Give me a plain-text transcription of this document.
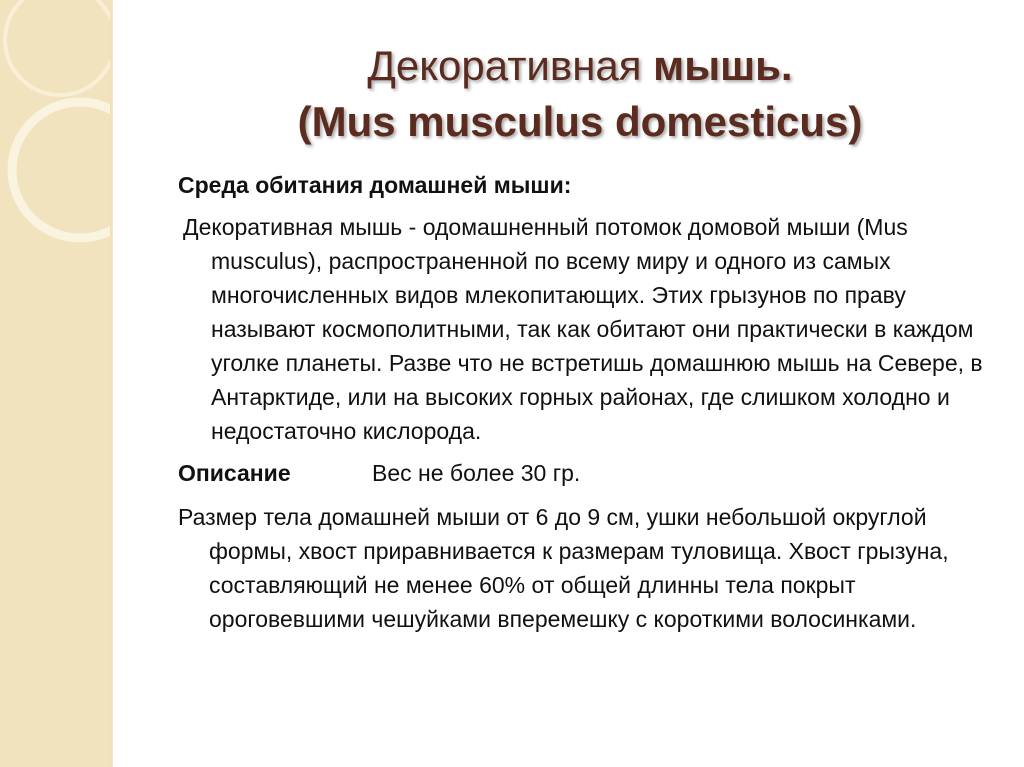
Декоративная мышь.
(Mus musculus domesticus)

Среда обитания домашней мыши:

Декоративная мышь - одомашненный потомок домовой мыши (Mus musculus), распространенной по всему миру и одного из самых многочисленных видов млекопитающих. Этих грызунов по праву называют космополитными, так как обитают они практически в каждом уголке планеты. Разве что не встретишь домашнюю мышь на Севере, в Антарктиде, или на высоких горных районах, где слишком холодно и недостаточно кислорода.

Описание	Вес не более 30 гр.

Размер тела домашней мыши от 6 до 9 см, ушки небольшой округлой формы, хвост приравнивается к размерам туловища. Хвост грызуна, составляющий не менее 60% от общей длинны тела покрыт ороговевшими чешуйками вперемешку с короткими волосинками.
